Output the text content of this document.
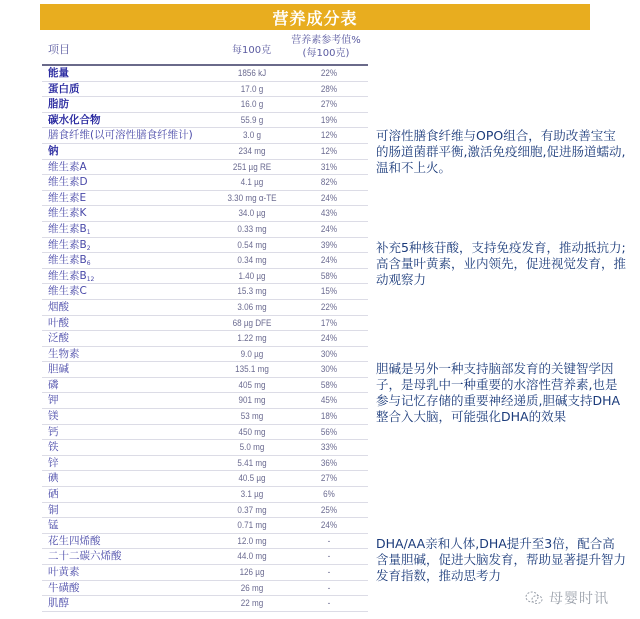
营养成分表
项目	每100克
营养素参考值%
(每100克)
能量	1856 kJ	22%
蛋白质	17.0 g	28%
脂肪	16.0 g	27%
碳水化合物	55.9 g	19%
膳食纤维(以可溶性膳食纤维计)	3.0 g	12%
钠	234 mg	12%
维生素A	251 µg RE	31%
维生素D	4.1 µg	82%
维生素E	3.30 mg α-TE	24%
维生素K	34.0 µg	43%
维生素$B_1$	0.33 mg	24%
维生素$B_2$	0.54 mg	39%
维生素$B_6$	0.34 mg	24%
维生素$B_{12}$	1.40 µg	58%
维生素C	15.3 mg	15%
烟酸	3.06 mg	22%
叶酸	68 µg DFE	17%
泛酸	1.22 mg	24%
生物素	9.0 µg	30%
胆碱	135.1 mg	30%
磷	405 mg	58%
钾	901 mg	45%
镁	53 mg	18%
钙	450 mg	56%
铁	5.0 mg	33%
锌	5.41 mg	36%
碘	40.5 µg	27%
硒	3.1 µg	6%
铜	0.37 mg	25%
锰	0.71 mg	24%
花生四烯酸	12.0 mg	-
二十二碳六烯酸	44.0 mg	-
叶黄素	126 µg	-
牛磺酸	26 mg	-
肌醇	22 mg	-
可溶性膳食纤维与OPO组合，有助改善宝宝的肠道菌群平衡,激活免疫细胞,促进肠道蠕动,温和不上火。
补充5种核苷酸，支持免疫发育，推动抵抗力;高含量叶黄素，业内领先，促进视觉发育，推动观察力
胆碱是另外一种支持脑部发育的关键智学因子，是母乳中一种重要的水溶性营养素,也是参与记忆存储的重要神经递质,胆碱支持DHA整合入大脑，可能强化DHA的效果
DHA/AA亲和人体,DHA提升至3倍，配合高含量胆碱，促进大脑发育，帮助显著提升智力发育指数，推动思考力
母婴时讯
